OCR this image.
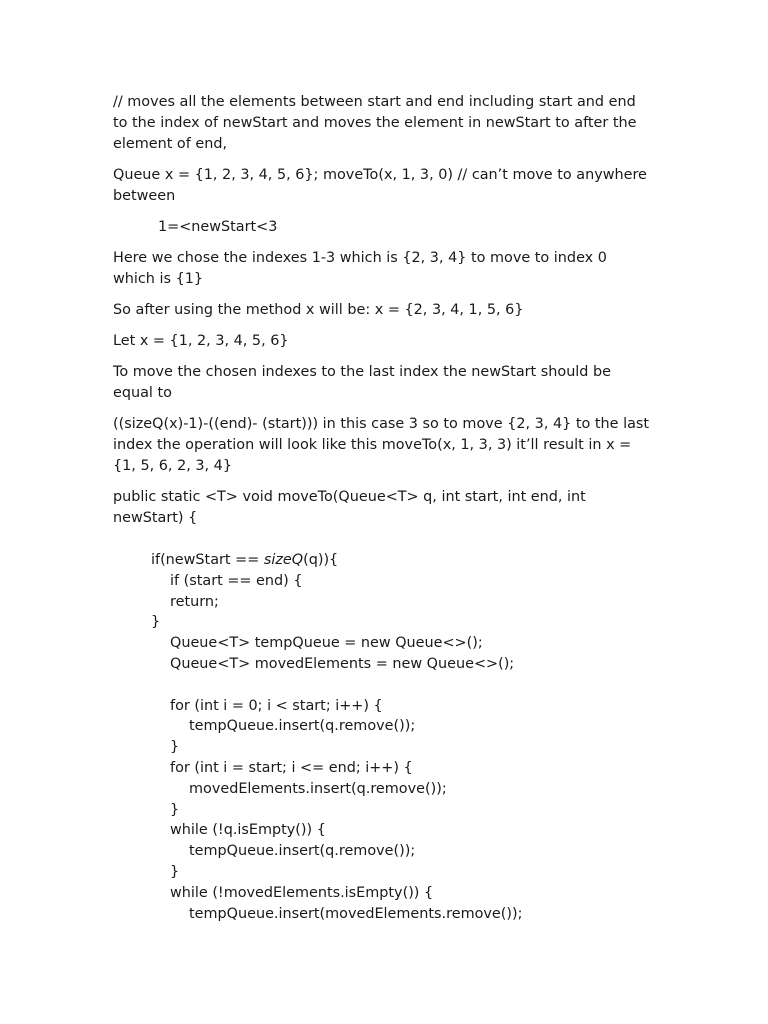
// moves all the elements between start and end including start and end to the index of newStart and moves the element in newStart to after the element of end,

Queue x = {1, 2, 3, 4, 5, 6}; moveTo(x, 1, 3, 0) // can’t move to anywhere between

1=<newStart<3

Here we chose the indexes 1-3 which is {2, 3, 4} to move to index 0 which is {1}

So after using the method x will be: x = {2, 3, 4, 1, 5, 6}

Let x = {1, 2, 3, 4, 5, 6}

To move the chosen indexes to the last index the newStart should be equal to

((sizeQ(x)-1)-((end)- (start))) in this case 3 so to move {2, 3, 4} to the last index the operation will look like this moveTo(x, 1, 3, 3) it’ll result in x = {1, 5, 6, 2, 3, 4}

public static <T> void moveTo(Queue<T> q, int start, int end, int newStart) {

if(newStart == sizeQ(q)){
if (start == end) {
return;
}
Queue<T> tempQueue = new Queue<>();
Queue<T> movedElements = new Queue<>();
for (int i = 0; i < start; i++) {
tempQueue.insert(q.remove());
}
for (int i = start; i <= end; i++) {
movedElements.insert(q.remove());
}
while (!q.isEmpty()) {
tempQueue.insert(q.remove());
}
while (!movedElements.isEmpty()) {
tempQueue.insert(movedElements.remove());
